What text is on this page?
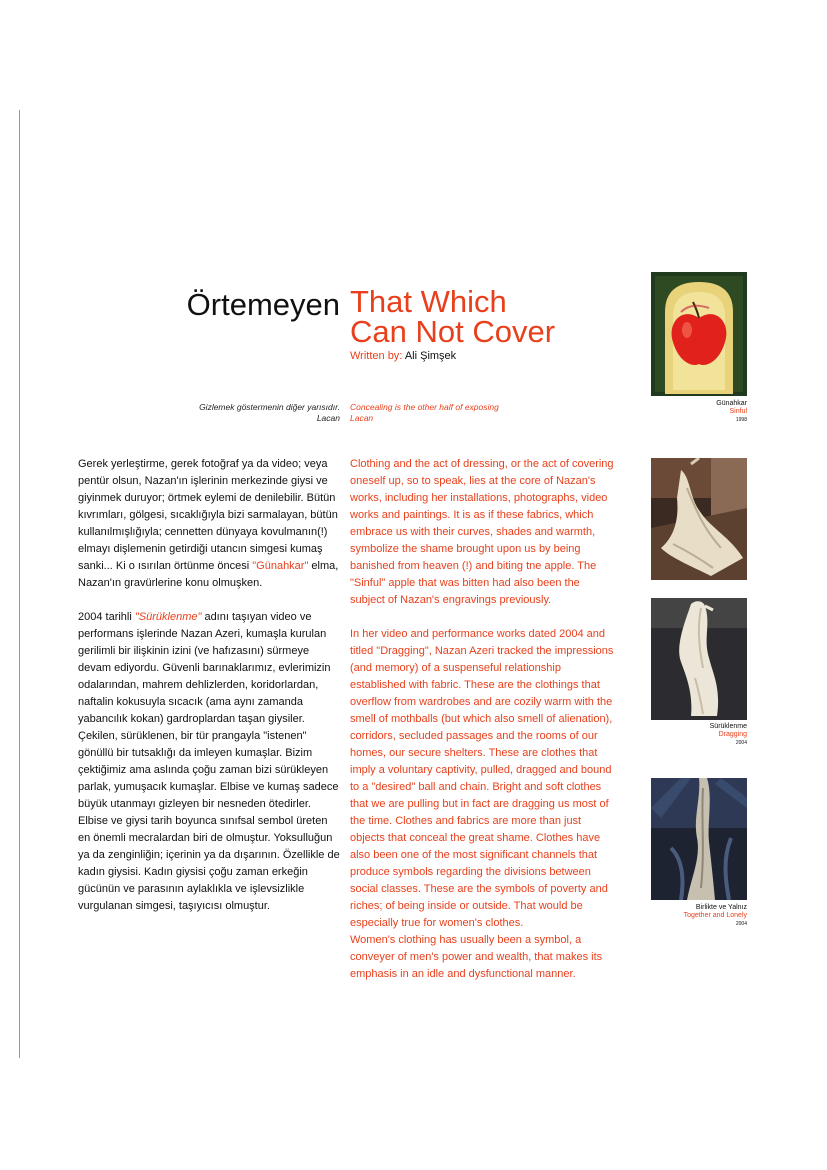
Örtemeyen That Which
Can Not Cover
Written by: Ali Şimşek
Gizlemek göstermenin diğer yarısıdır.
Lacan
Concealing is the other half of exposing
Lacan

Gerek yerleştirme, gerek fotoğraf ya da video; veya pentür olsun, Nazan'ın işlerinin merkezinde giysi ve giyinmek duruyor; örtmek eylemi de denilebilir. Bütün kıvrımları, gölgesi, sıcaklığıyla bizi sarmalayan, bütün kullanılmışlığıyla; cennetten dünyaya kovulmanın(!) elmayı dişlemenin getirdiği utancın simgesi kumaş sanki... Ki o ısırılan örtünme öncesi "Günahkar" elma, Nazan'ın gravürlerine konu olmuşken.

2004 tarihli "Sürüklenme" adını taşıyan video ve performans işlerinde Nazan Azeri, kumaşla kurulan gerilimli bir ilişkinin izini (ve hafızasını) sürmeye devam ediyordu. Güvenli barınaklarımız, evlerimizin odalarından, mahrem dehlizlerden, koridorlardan, naftalin kokusuyla sıcacık (ama aynı zamanda yabancılık kokan) gardroplardan taşan giysiler. Çekilen, sürüklenen, bir tür prangayla "istenen" gönüllü bir tutsaklığı da imleyen kumaşlar. Bizim çektiğimiz ama aslında çoğu zaman bizi sürükleyen parlak, yumuşacık kumaşlar. Elbise ve kumaş sadece büyük utanmayı gizleyen bir nesneden ötedirler. Elbise ve giysi tarih boyunca sınıfsal sembol üreten en önemli mecralardan biri de olmuştur. Yoksulluğun ya da zenginliğin; içerinin ya da dışarının. Özellikle de kadın giysisi. Kadın giysisi çoğu zaman erkeğin gücünün ve parasının aylaklıkla ve işlevsizlikle vurgulanan simgesi, taşıyıcısı olmuştur.

Clothing and the act of dressing, or the act of covering oneself up, so to speak, lies at the core of Nazan's works, including her installations, photographs, video works and paintings. It is as if these fabrics, which embrace us with their curves, shades and warmth, symbolize the shame brought upon us by being banished from heaven (!) and biting tne apple. The "Sinful" apple that was bitten had also been the subject of Nazan's engravings previously.

In her video and performance works dated 2004 and titled "Dragging", Nazan Azeri tracked the impressions (and memory) of a suspenseful relationship established with fabric. These are the clothings that overflow from wardrobes and are cozily warm with the smell of mothballs (but which also smell of alienation), corridors, secluded passages and the rooms of our homes, our secure shelters. These are clothes that imply a voluntary captivity, pulled, dragged and bound to a "desired" ball and chain. Bright and soft clothes that we are pulling but in fact are dragging us most of the time. Clothes and fabrics are more than just objects that conceal the great shame. Clothes have also been one of the most significant channels that produce symbols regarding the divisions between social classes. These are the symbols of poverty and riches; of being inside or outside. That would be especially true for women's clothes.

Women's clothing has usually been a symbol, a conveyer of men's power and wealth, that makes its emphasis in an idle and dysfunctional manner.

Günahkar
Sinful
1998
Sürüklenme
Dragging
2004
Birlikte ve Yalnız
Together and Lonely
2004
